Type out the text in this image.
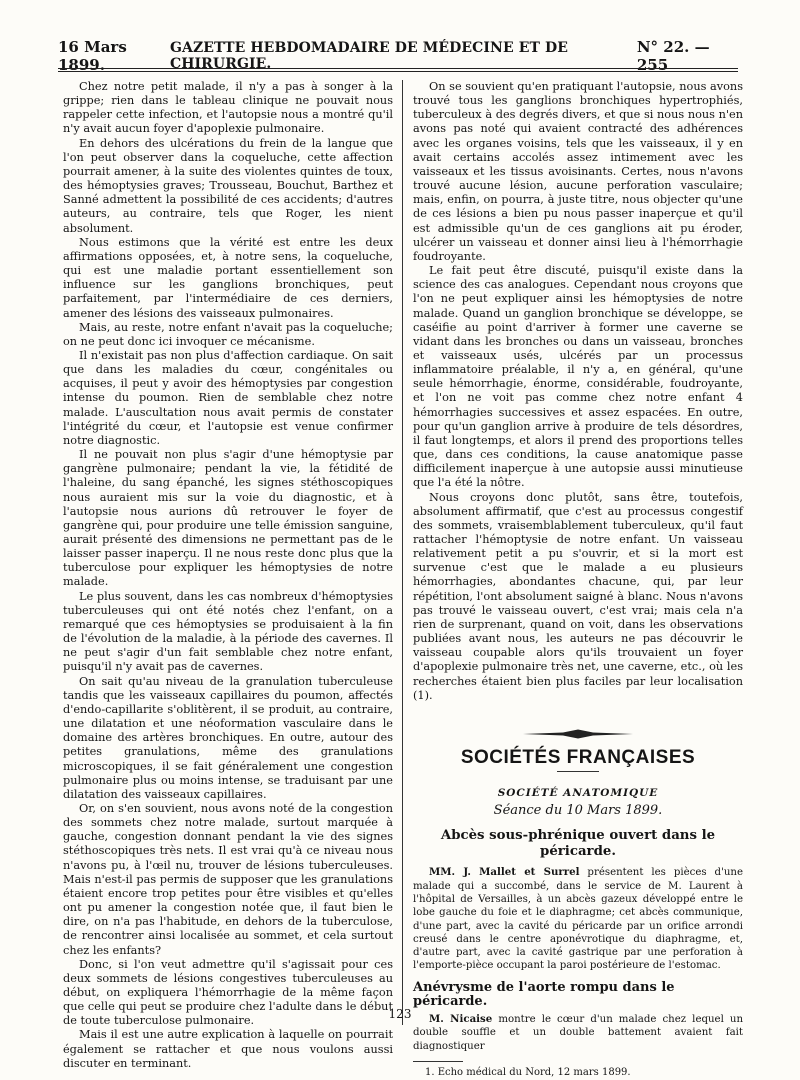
16 Mars 1899.
GAZETTE HEBDOMADAIRE DE MÉDECINE ET DE CHIRURGIE.
N° 22. — 255

Chez notre petit malade, il n'y a pas à songer à la grippe; rien dans le tableau clinique ne pouvait nous rappeler cette infection, et l'autopsie nous a montré qu'il n'y avait aucun foyer d'apoplexie pulmonaire.

En dehors des ulcérations du frein de la langue que l'on peut observer dans la coqueluche, cette affection pourrait amener, à la suite des violentes quintes de toux, des hémoptysies graves; Trousseau, Bouchut, Barthez et Sanné admettent la possibilité de ces accidents; d'autres auteurs, au contraire, tels que Roger, les nient absolument.

Nous estimons que la vérité est entre les deux affirmations opposées, et, à notre sens, la coqueluche, qui est une maladie portant essentiellement son influence sur les ganglions bronchiques, peut parfaitement, par l'intermédiaire de ces derniers, amener des lésions des vaisseaux pulmonaires.

Mais, au reste, notre enfant n'avait pas la coqueluche; on ne peut donc ici invoquer ce mécanisme.

Il n'existait pas non plus d'affection cardiaque. On sait que dans les maladies du cœur, congénitales ou acquises, il peut y avoir des hémoptysies par congestion intense du poumon. Rien de semblable chez notre malade. L'auscultation nous avait permis de constater l'intégrité du cœur, et l'autopsie est venue confirmer notre diagnostic.

Il ne pouvait non plus s'agir d'une hémoptysie par gangrène pulmonaire; pendant la vie, la fétidité de l'haleine, du sang épanché, les signes stéthoscopiques nous auraient mis sur la voie du diagnostic, et à l'autopsie nous aurions dû retrouver le foyer de gangrène qui, pour produire une telle émission sanguine, aurait présenté des dimensions ne permettant pas de le laisser passer inaperçu. Il ne nous reste donc plus que la tuberculose pour expliquer les hémoptysies de notre malade.

Le plus souvent, dans les cas nombreux d'hémoptysies tuberculeuses qui ont été notés chez l'enfant, on a remarqué que ces hémoptysies se produisaient à la fin de l'évolution de la maladie, à la période des cavernes. Il ne peut s'agir d'un fait semblable chez notre enfant, puisqu'il n'y avait pas de cavernes.

On sait qu'au niveau de la granulation tuberculeuse tandis que les vaisseaux capillaires du poumon, affectés d'endo-capillarite s'oblitèrent, il se produit, au contraire, une dilatation et une néoformation vasculaire dans le domaine des artères bronchiques. En outre, autour des petites granulations, même des granulations microscopiques, il se fait généralement une congestion pulmonaire plus ou moins intense, se traduisant par une dilatation des vaisseaux capillaires.

Or, on s'en souvient, nous avons noté de la congestion des sommets chez notre malade, surtout marquée à gauche, congestion donnant pendant la vie des signes stéthoscopiques très nets. Il est vrai qu'à ce niveau nous n'avons pu, à l'œil nu, trouver de lésions tuberculeuses. Mais n'est-il pas permis de supposer que les granulations étaient encore trop petites pour être visibles et qu'elles ont pu amener la congestion notée que, il faut bien le dire, on n'a pas l'habitude, en dehors de la tuberculose, de rencontrer ainsi localisée au sommet, et cela surtout chez les enfants?

Donc, si l'on veut admettre qu'il s'agissait pour ces deux sommets de lésions congestives tuberculeuses au début, on expliquera l'hémorrhagie de la même façon que celle qui peut se produire chez l'adulte dans le début de toute tuberculose pulmonaire.

Mais il est une autre explication à laquelle on pourrait également se rattacher et que nous voulons aussi discuter en terminant.

On se souvient qu'en pratiquant l'autopsie, nous avons trouvé tous les ganglions bronchiques hypertrophiés, tuberculeux à des degrés divers, et que si nous nous n'en avons pas noté qui avaient contracté des adhérences avec les organes voisins, tels que les vaisseaux, il y en avait certains accolés assez intimement avec les vaisseaux et les tissus avoisinants. Certes, nous n'avons trouvé aucune lésion, aucune perforation vasculaire; mais, enfin, on pourra, à juste titre, nous objecter qu'une de ces lésions a bien pu nous passer inaperçue et qu'il est admissible qu'un de ces ganglions ait pu éroder, ulcérer un vaisseau et donner ainsi lieu à l'hémorrhagie foudroyante.

Le fait peut être discuté, puisqu'il existe dans la science des cas analogues. Cependant nous croyons que l'on ne peut expliquer ainsi les hémoptysies de notre malade. Quand un ganglion bronchique se développe, se caséifie au point d'arriver à former une caverne se vidant dans les bronches ou dans un vaisseau, bronches et vaisseaux usés, ulcérés par un processus inflammatoire préalable, il n'y a, en général, qu'une seule hémorrhagie, énorme, considérable, foudroyante, et l'on ne voit pas comme chez notre enfant 4 hémorrhagies successives et assez espacées. En outre, pour qu'un ganglion arrive à produire de tels désordres, il faut longtemps, et alors il prend des proportions telles que, dans ces conditions, la cause anatomique passe difficilement inaperçue à une autopsie aussi minutieuse que l'a été la nôtre.

Nous croyons donc plutôt, sans être, toutefois, absolument affirmatif, que c'est au processus congestif des sommets, vraisemblablement tuberculeux, qu'il faut rattacher l'hémoptysie de notre enfant. Un vaisseau relativement petit a pu s'ouvrir, et si la mort est survenue c'est que le malade a eu plusieurs hémorrhagies, abondantes chacune, qui, par leur répétition, l'ont absolument saigné à blanc. Nous n'avons pas trouvé le vaisseau ouvert, c'est vrai; mais cela n'a rien de surprenant, quand on voit, dans les observations publiées avant nous, les auteurs ne pas découvrir le vaisseau coupable alors qu'ils trouvaient un foyer d'apoplexie pulmonaire très net, une caverne, etc., où les recherches étaient bien plus faciles par leur localisation (1).

SOCIÉTÉS FRANÇAISES
SOCIÉTÉ ANATOMIQUE
Séance du 10 Mars 1899.
Abcès sous-phrénique ouvert dans le péricarde.

MM. J. Mallet et Surrel présentent les pièces d'une malade qui a succombé, dans le service de M. Laurent à l'hôpital de Versailles, à un abcès gazeux développé entre le lobe gauche du foie et le diaphragme; cet abcès communique, d'une part, avec la cavité du péricarde par un orifice arrondi creusé dans le centre aponévrotique du diaphragme, et, d'autre part, avec la cavité gastrique par une perforation à l'emporte-pièce occupant la paroi postérieure de l'estomac.

Anévrysme de l'aorte rompu dans le péricarde.

M. Nicaise montre le cœur d'un malade chez lequel un double souffle et un double battement avaient fait diagnostiquer

1. Echo médical du Nord, 12 mars 1899.
123
